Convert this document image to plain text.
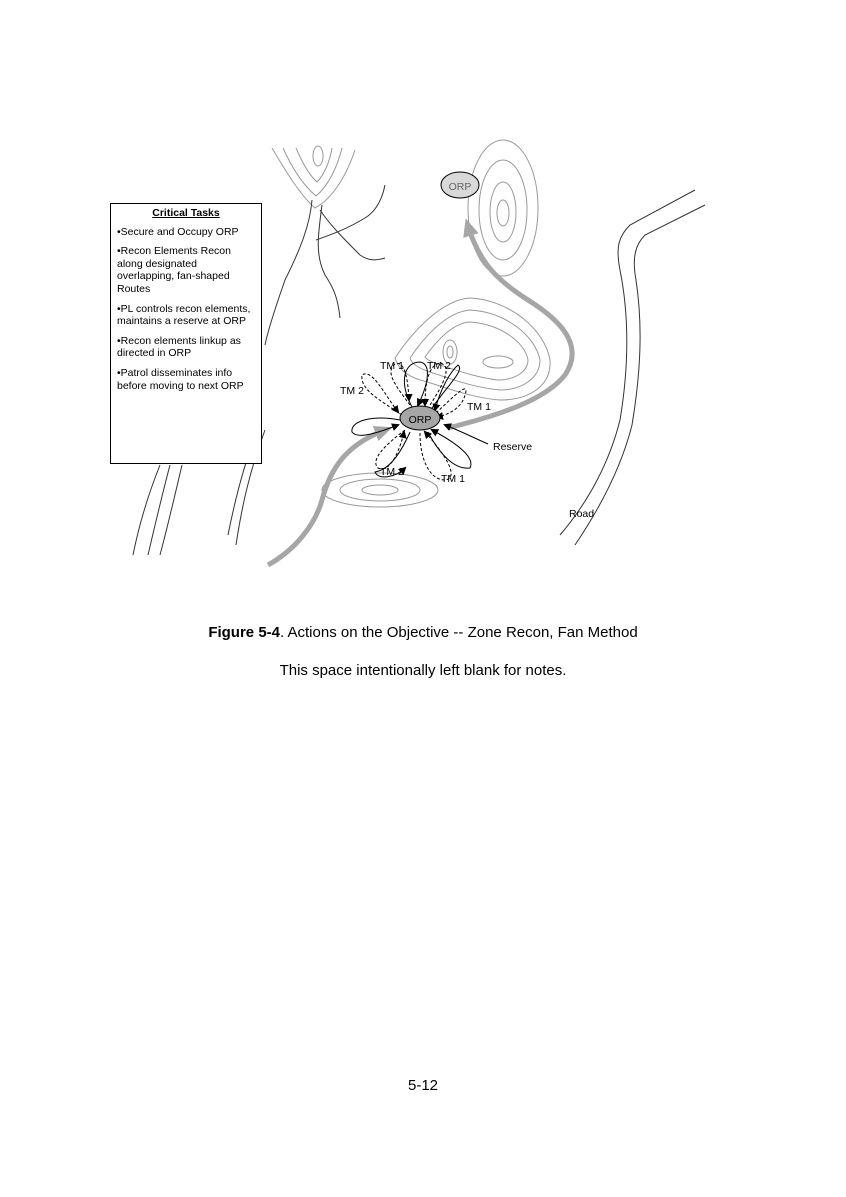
ORP
ORP
TM 1 TM 2
TM 2
TM 1
Reserve
TM 2
TM 1
Road
Critical Tasks
•Secure and Occupy ORP
•Recon Elements Recon along designated overlapping, fan-shaped Routes
•PL controls recon elements, maintains a reserve at ORP
•Recon elements linkup as directed in ORP
•Patrol disseminates info before moving to next ORP
Figure 5-4. Actions on the Objective -- Zone Recon, Fan Method
This space intentionally left blank for notes.
5-12
